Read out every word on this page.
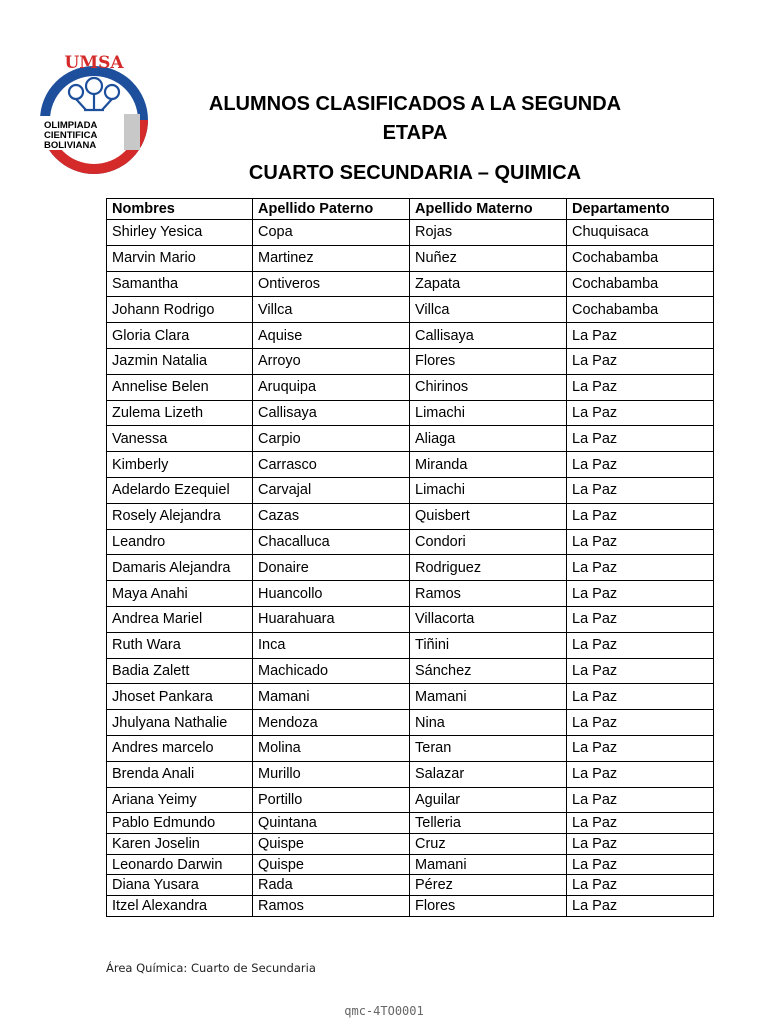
UMSA
OLIMPIADA
CIENTIFICA
BOLIVIANA
ALUMNOS CLASIFICADOS A LA SEGUNDA
ETAPA
CUARTO SECUNDARIA – QUIMICA
Nombres	Apellido Paterno	Apellido Materno	Departamento
Shirley Yesica	Copa	Rojas	Chuquisaca
Marvin Mario	Martinez	Nuñez	Cochabamba
Samantha	Ontiveros	Zapata	Cochabamba
Johann Rodrigo	Villca	Villca	Cochabamba
Gloria Clara	Aquise	Callisaya	La Paz
Jazmin Natalia	Arroyo	Flores	La Paz
Annelise Belen	Aruquipa	Chirinos	La Paz
Zulema Lizeth	Callisaya	Limachi	La Paz
Vanessa	Carpio	Aliaga	La Paz
Kimberly	Carrasco	Miranda	La Paz
Adelardo Ezequiel	Carvajal	Limachi	La Paz
Rosely Alejandra	Cazas	Quisbert	La Paz
Leandro	Chacalluca	Condori	La Paz
Damaris Alejandra	Donaire	Rodriguez	La Paz
Maya Anahi	Huancollo	Ramos	La Paz
Andrea Mariel	Huarahuara	Villacorta	La Paz
Ruth Wara	Inca	Tiñini	La Paz
Badia Zalett	Machicado	Sánchez	La Paz
Jhoset Pankara	Mamani	Mamani	La Paz
Jhulyana Nathalie	Mendoza	Nina	La Paz
Andres marcelo	Molina	Teran	La Paz
Brenda Anali	Murillo	Salazar	La Paz
Ariana Yeimy	Portillo	Aguilar	La Paz
Pablo Edmundo	Quintana	Telleria	La Paz
Karen Joselin	Quispe	Cruz	La Paz
Leonardo Darwin	Quispe	Mamani	La Paz
Diana Yusara	Rada	Pérez	La Paz
Itzel Alexandra	Ramos	Flores	La Paz
Área Química: Cuarto de Secundaria
qmc-4TO0001
